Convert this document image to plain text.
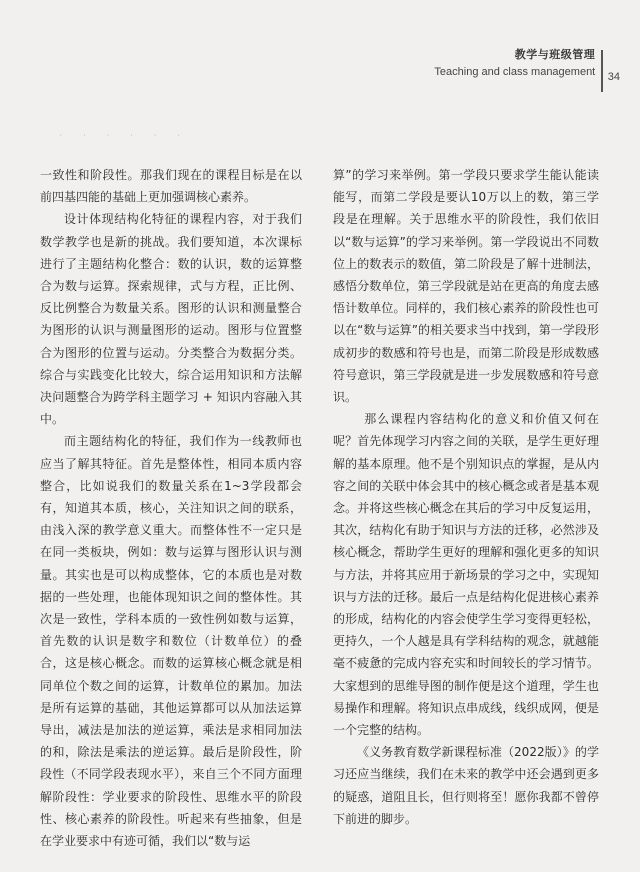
教学与班级管理
Teaching and class management 34
' ' ' ' ' '

一致性和阶段性。那我们现在的课程目标是在以前四基四能的基础上更加强调核心素养。

设计体现结构化特征的课程内容，对于我们数学教学也是新的挑战。我们要知道，本次课标进行了主题结构化整合：数的认识，数的运算整合为数与运算。探索规律，式与方程，正比例、反比例整合为数量关系。图形的认识和测量整合为图形的认识与测量图形的运动。图形与位置整合为图形的位置与运动。分类整合为数据分类。综合与实践变化比较大，综合运用知识和方法解决问题整合为跨学科主题学习 + 知识内容融入其中。

而主题结构化的特征，我们作为一线教师也应当了解其特征。首先是整体性，相同本质内容整合，比如说我们的数量关系在1~3学段都会有，知道其本质，核心，关注知识之间的联系，由浅入深的教学意义重大。而整体性不一定只是在同一类板块，例如：数与运算与图形认识与测量。其实也是可以构成整体，它的本质也是对数据的一些处理，也能体现知识之间的整体性。其次是一致性，学科本质的一致性例如数与运算，首先数的认识是数字和数位（计数单位）的叠合，这是核心概念。而数的运算核心概念就是相同单位个数之间的运算，计数单位的累加。加法是所有运算的基础，其他运算都可以从加法运算导出，减法是加法的逆运算，乘法是求相同加法的和，除法是乘法的逆运算。最后是阶段性，阶段性（不同学段表现水平），来自三个不同方面理解阶段性：学业要求的阶段性、思维水平的阶段性、核心素养的阶段性。听起来有些抽象，但是在学业要求中有迹可循，我们以“数与运

算”的学习来举例。第一学段只要求学生能认能读能写，而第二学段是要认10万以上的数，第三学段是在理解。关于思维水平的阶段性，我们依旧以“数与运算”的学习来举例。第一学段说出不同数位上的数表示的数值，第二阶段是了解十进制法，感悟分数单位，第三学段就是站在更高的角度去感悟计数单位。同样的，我们核心素养的阶段性也可以在“数与运算”的相关要求当中找到，第一学段形成初步的数感和符号也是，而第二阶段是形成数感符号意识，第三学段就是进一步发展数感和符号意识。

那么课程内容结构化的意义和价值又何在呢？首先体现学习内容之间的关联，是学生更好理解的基本原理。他不是个别知识点的掌握，是从内容之间的关联中体会其中的核心概念或者是基本观念。并将这些核心概念在其后的学习中反复运用，其次，结构化有助于知识与方法的迁移，必然涉及核心概念，帮助学生更好的理解和强化更多的知识与方法，并将其应用于新场景的学习之中，实现知识与方法的迁移。最后一点是结构化促进核心素养的形成，结构化的内容会使学生学习变得更轻松，更持久，一个人越是具有学科结构的观念，就越能毫不疲惫的完成内容充实和时间较长的学习情节。大家想到的思维导图的制作便是这个道理，学生也易操作和理解。将知识点串成线，线织成网，便是一个完整的结构。

《义务教育数学新课程标准（2022版）》的学习还应当继续，我们在未来的教学中还会遇到更多的疑惑，道阻且长，但行则将至！愿你我都不曾停下前进的脚步。
